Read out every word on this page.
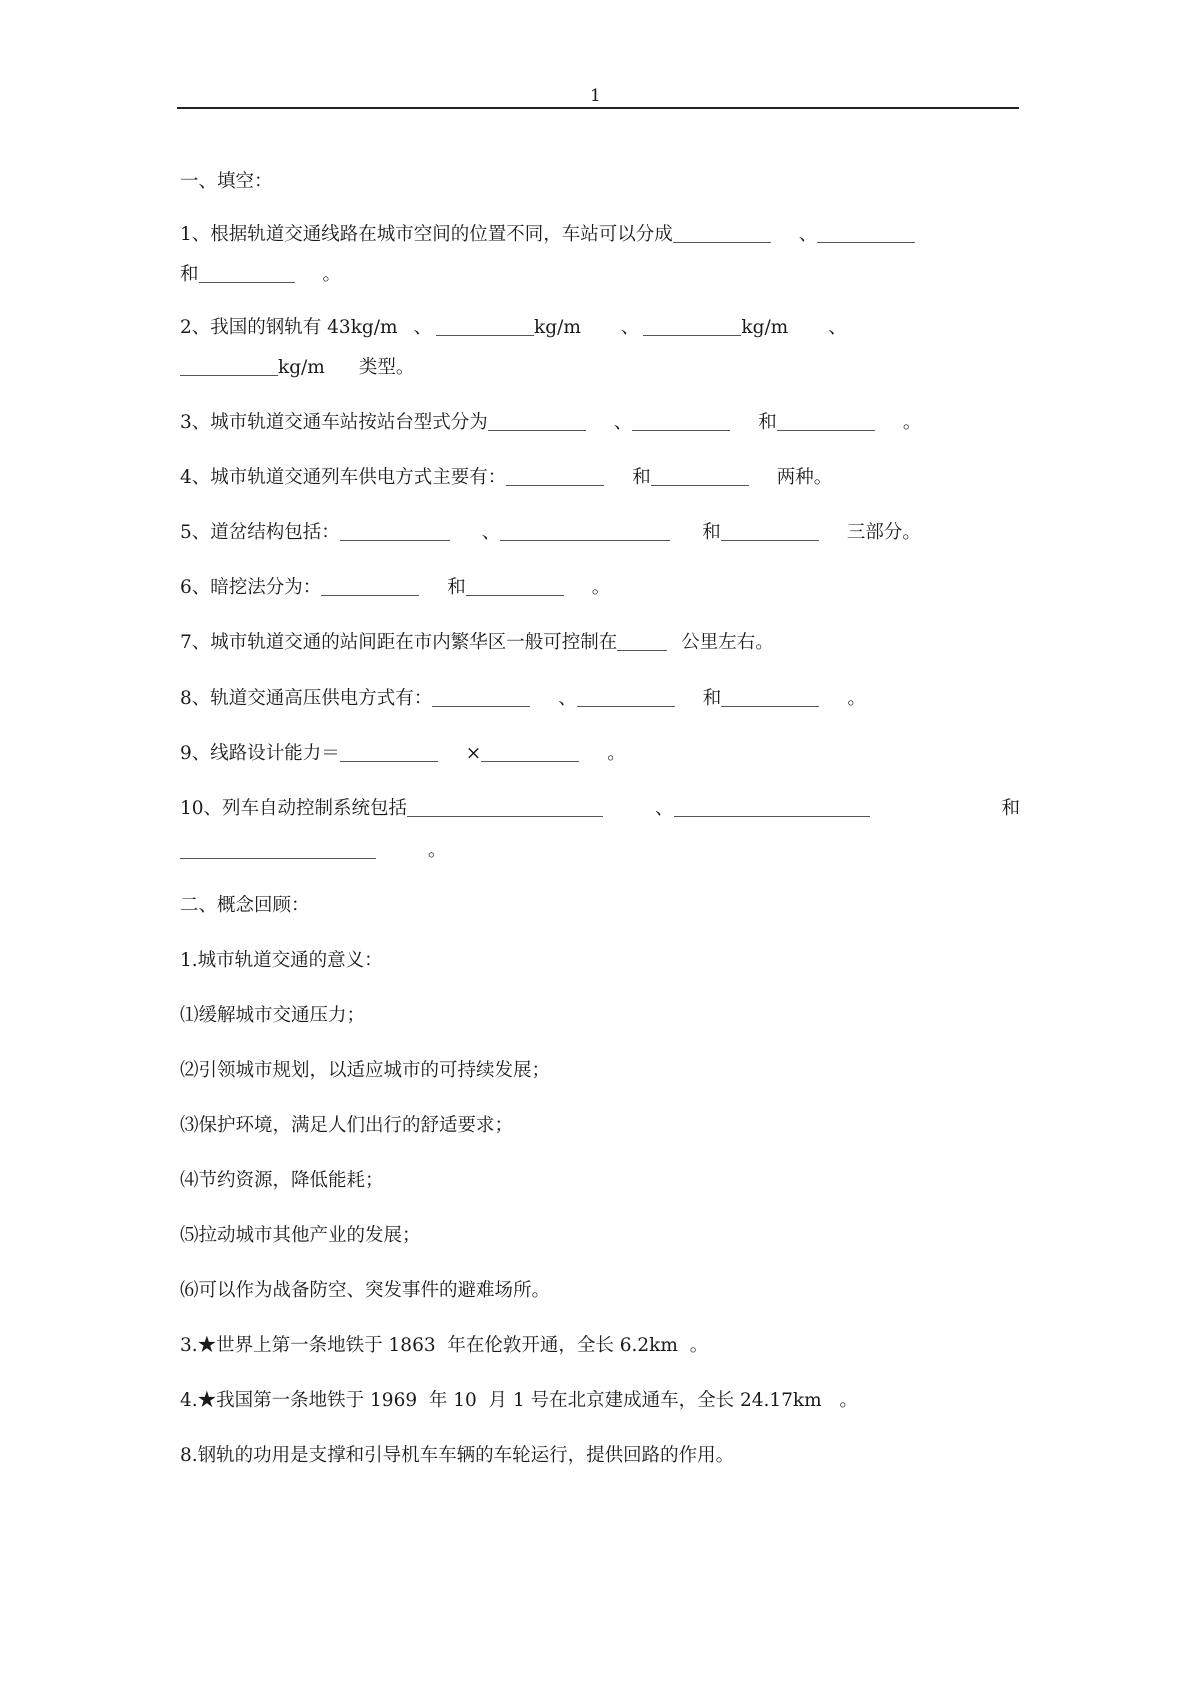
1
一、填空：
1、根据轨道交通线路在城市空间的位置不同，车站可以分成	、
和	。
2、我国的钢轨有 43kg/m 、	kg/m 、	kg/m 、
kg/m 类型。
3、城市轨道交通车站按站台型式分为	、	和	。
4、城市轨道交通列车供电方式主要有：	和	两种。
5、道岔结构包括：	、	和	三部分。
6、暗挖法分为：	和	。
7、城市轨道交通的站间距在市内繁华区一般可控制在	公里左右。
8、轨道交通高压供电方式有：	、	和	。
9、线路设计能力＝	×	。
10、列车自动控制系统包括	、	和
。
二、概念回顾：
1.城市轨道交通的意义：
⑴缓解城市交通压力；
⑵引领城市规划，以适应城市的可持续发展；
⑶保护环境，满足人们出行的舒适要求；
⑷节约资源，降低能耗；
⑸拉动城市其他产业的发展；
⑹可以作为战备防空、突发事件的避难场所。
3.★世界上第一条地铁于 1863  年在伦敦开通，全长 6.2km  。
4.★我国第一条地铁于 1969  年 10  月 1 号在北京建成通车，全长 24.17km   。
8.钢轨的功用是支撑和引导机车车辆的车轮运行，提供回路的作用。
